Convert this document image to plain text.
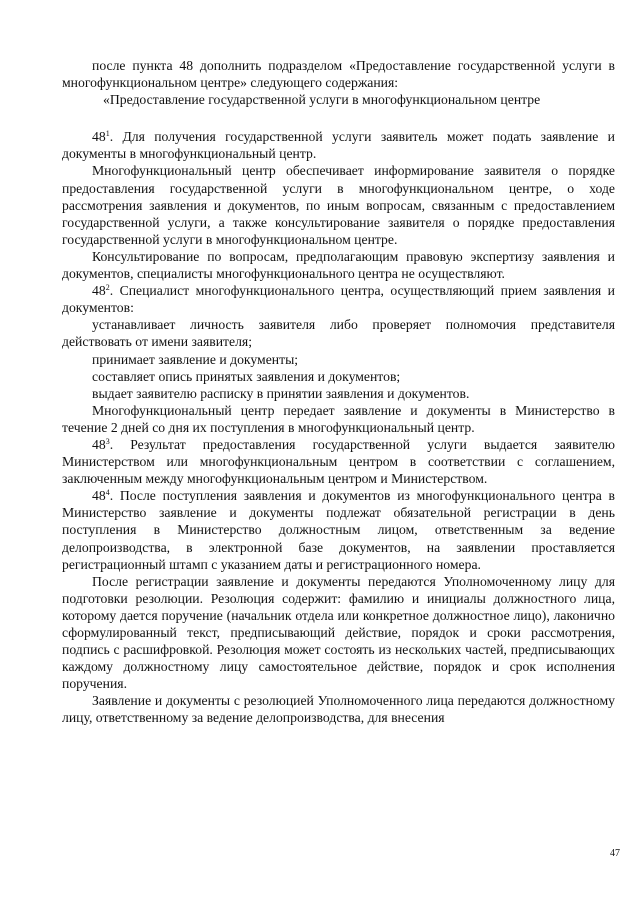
после пункта 48 дополнить подразделом «Предоставление государственной услуги в многофункциональном центре» следующего содержания:

«Предоставление государственной услуги в многофункциональном центре

$48^1$. Для получения государственной услуги заявитель может подать заявление и документы в многофункциональный центр.

Многофункциональный центр обеспечивает информирование заявителя о порядке предоставления государственной услуги в многофункциональном центре, о ходе рассмотрения заявления и документов, по иным вопросам, связанным с предоставлением государственной услуги, а также консультирование заявителя о порядке предоставления государственной услуги в многофункциональном центре.

Консультирование по вопросам, предполагающим правовую экспертизу заявления и документов, специалисты многофункционального центра не осуществляют.

$48^2$. Специалист многофункционального центра, осуществляющий прием заявления и документов:

устанавливает личность заявителя либо проверяет полномочия представителя действовать от имени заявителя;

принимает заявление и документы;

составляет опись принятых заявления и документов;

выдает заявителю расписку в принятии заявления и документов.

Многофункциональный центр передает заявление и документы в Министерство в течение 2 дней со дня их поступления в многофункциональный центр.

$48^3$. Результат предоставления государственной услуги выдается заявителю Министерством или многофункциональным центром в соответствии с соглашением, заключенным между многофункциональным центром и Министерством.

$48^4$. После поступления заявления и документов из многофункционального центра в Министерство заявление и документы подлежат обязательной регистрации в день поступления в Министерство должностным лицом, ответственным за ведение делопроизводства, в электронной базе документов, на заявлении проставляется регистрационный штамп с указанием даты и регистрационного номера.

После регистрации заявление и документы передаются Уполномоченному лицу для подготовки резолюции. Резолюция содержит: фамилию и инициалы должностного лица, которому дается поручение (начальник отдела или конкретное должностное лицо), лаконично сформулированный текст, предписывающий действие, порядок и сроки рассмотрения, подпись с расшифровкой. Резолюция может состоять из нескольких частей, предписывающих каждому должностному лицу самостоятельное действие, порядок и срок исполнения поручения.

Заявление и документы с резолюцией Уполномоченного лица передаются должностному лицу, ответственному за ведение делопроизводства, для внесения

47
